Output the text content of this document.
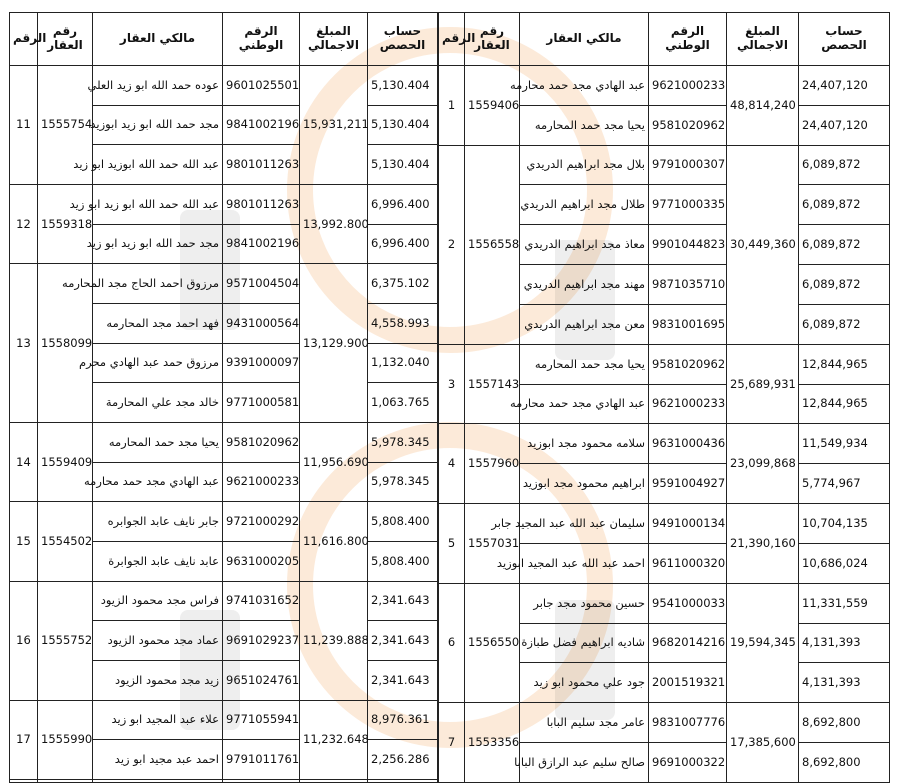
الرقم	رقم العقار	مالكي العقار	الرقم الوطني	المبلغ الاجمالي	حساب الحصص
1	1559406	عبد الهادي مجد حمد محارمه	9621000233	48,814,240	24,407,120
		يحيا مجد حمد المحارمه	9581020962		24,407,120
2	1556558	بلال مجد ابراهيم الدريدي	9791000307	30,449,360	6,089,872
		طلال مجد ابراهيم الدريدي	9771000335		6,089,872
		معاذ مجد ابراهيم الدريدي	9901044823		6,089,872
		مهند مجد ابراهيم الدريدي	9871035710		6,089,872
		معن مجد ابراهيم الدريدي	9831001695		6,089,872
3	1557143	يحيا مجد حمد المحارمه	9581020962	25,689,931	12,844,965
		عبد الهادي مجد حمد محارمه	9621000233		12,844,965
4	1557960	سلامه محمود مجد ابوزيد	9631000436	23,099,868	11,549,934
		ابراهيم محمود مجد ابوزيد	9591004927		5,774,967
5	1557031	سليمان عبد الله عبد المجيد جابر	9491000134	21,390,160	10,704,135
		احمد عبد الله عبد المجيد ابوزيد	9611000320		10,686,024
6	1556550	حسين محمود مجد جابر	9541000033	19,594,345	11,331,559
		شاديه ابراهيم فضل طبازة	9682014216		4,131,393
		جود علي محمود ابو زيد	2001519321		4,131,393
7	1553356	عامر مجد سليم البابا	9831007776	17,385,600	8,692,800
		صالح سليم عبد الرازق البابا	9691000322		8,692,800
الرقم	رقم العقار	مالكي العقار	الرقم الوطني	المبلغ الاجمالي	حساب الحصص
11	1555754	عوده حمد الله ابو زيد العلي	9601025501	15,931,211	5,130.404
		مجد حمد الله ابو زيد ابوزيد	9841002196		5,130.404
		عبد الله حمد الله ابوزيد ابو زيد	9801011263		5,130.404
12	1559318	عبد الله حمد الله ابو زيد ابو زيد	9801011263	13,992.800	6,996.400
		مجد حمد الله ابو زيد ابو زيد	9841002196		6,996.400
13	1558099	مرزوق احمد الحاج مجد المحارمه	9571004504	13,129.900	6,375.102
		فهد احمد مجد المحارمه	9431000564		4,558.993
		مرزوق حمد عبد الهادي محرم	9391000097		1,132.040
		خالد مجد علي المحارمة	9771000581		1,063.765
14	1559409	يحيا مجد حمد المحارمه	9581020962	11,956.690	5,978.345
		عبد الهادي مجد حمد محارمه	9621000233		5,978.345
15	1554502	جابر نايف عابد الجوابره	9721000292	11,616.800	5,808.400
		عابد نايف عابد الجوابرة	9631000205		5,808.400
16	1555752	فراس مجد محمود الزيود	9741031652	11,239.888	2,341.643
		عماد مجد محمود الزيود	9691029237		2,341.643
		زيد مجد محمود الزيود	9651024761		2,341.643
17	1555990	علاء عبد المجيد ابو زيد	9771055941	11,232.648	8,976.361
		احمد عبد مجيد ابو زيد	9791011761		2,256.286
